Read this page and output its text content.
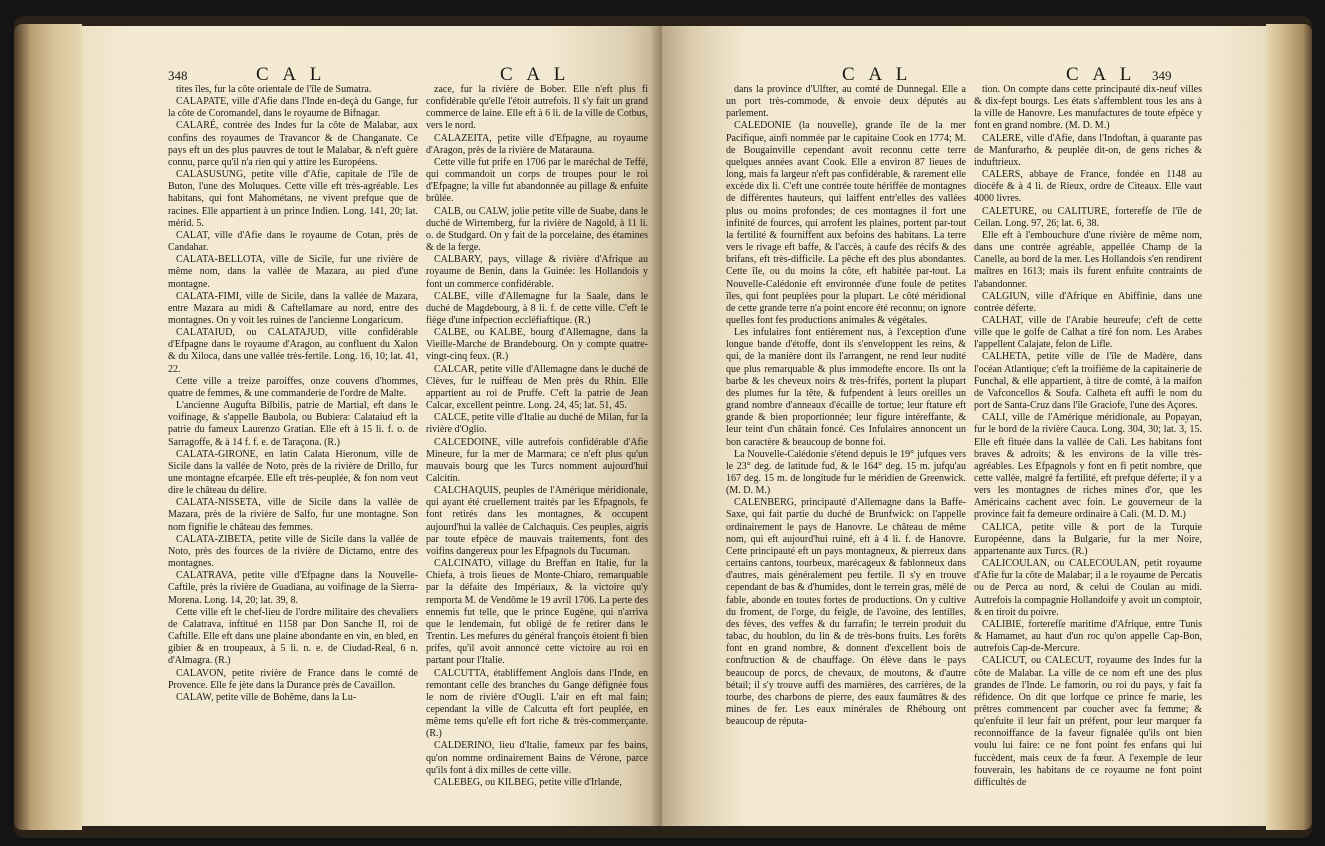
348	C A L	C A L

tites îles, fur la côte orientale de l'île de Sumatra.

CALAPATE, ville d'Afie dans l'Inde en-deçà du Gange, fur la côte de Coromandel, dans le royaume de Bifnagar.

CALARÉ, contrée des Indes fur la côte de Malabar, aux confins des royaumes de Travancor & de Changanate. Ce pays eft un des plus pauvres de tout le Malabar, & n'eft guère connu, parce qu'il n'a rien qui y attire les Européens.

CALASUSUNG, petite ville d'Afie, capitale de l'île de Buton, l'une des Moluques. Cette ville eft très-agréable. Les habitans, qui font Mahométans, ne vivent prefque que de racines. Elle appartient à un prince Indien. Long. 141, 20; lat. mérid. 5.

CALAT, ville d'Afie dans le royaume de Cotan, près de Candahar.

CALATA-BELLOTA, ville de Sicile, fur une rivière de même nom, dans la vallée de Mazara, au pied d'une montagne.

CALATA-FIMI, ville de Sicile, dans la vallée de Mazara, entre Mazara au midi & Caftellamare au nord, entre des montagnes. On y voit les ruines de l'ancienne Longaricum.

CALATAIUD, ou CALATAJUD, ville confidérable d'Efpagne dans le royaume d'Aragon, au confluent du Xalon & du Xiloca, dans une vallée très-fertile. Long. 16, 10; lat. 41, 22.

Cette ville a treize paroiffes, onze couvens d'hommes, quatre de femmes, & une commanderie de l'ordre de Malte.

L'ancienne Augufta Bilbilis, patrie de Martial, eft dans le voifinage, & s'appelle Baubola, ou Bubiera: Calataiud eft la patrie du fameux Laurenzo Gratian. Elle eft à 15 li. f. o. de Sarragoffe, & à 14 f. f. e. de Taraçona. (R.)

CALATA-GIRONE, en latin Calata Hieronum, ville de Sicile dans la vallée de Noto, près de la rivière de Drillo, fur une montagne efcarpée. Elle eft très-peuplée, & fon nom veut dire le château du délire.

CALATA-NISSETA, ville de Sicile dans la vallée de Mazara, près de la rivière de Salfo, fur une montagne. Son nom fignifie le château des femmes.

CALATA-ZIBETA, petite ville de Sicile dans la vallée de Noto, près des fources de la rivière de Dictamo, entre des montagnes.

CALATRAVA, petite ville d'Efpagne dans la Nouvelle-Caftile, près la rivière de Guadiana, au voifinage de la Sierra-Morena. Long. 14, 20; lat. 39, 8.

Cette ville eft le chef-lieu de l'ordre militaire des chevaliers de Calatrava, inftitué en 1158 par Don Sanche II, roi de Caftille. Elle eft dans une plaine abondante en vin, en bled, en gibier & en troupeaux, à 5 li. n. e. de Ciudad-Real, 6 n. d'Almagra. (R.)

CALAVON, petite rivière de France dans le comté de Provence. Elle fe jète dans la Durance près de Cavaillon.

CALAW, petite ville de Bohême, dans la Lu-

zace, fur la rivière de Bober. Elle n'eft plus fi confidérable qu'elle l'étoit autrefois. Il s'y fait un grand commerce de laine. Elle eft à 6 li. de la ville de Cotbus, vers le nord.

CALAZEITA, petite ville d'Efpagne, au royaume d'Aragon, près de la rivière de Matarauna.

Cette ville fut prife en 1706 par le maréchal de Teffé, qui commandoit un corps de troupes pour le roi d'Efpagne; la ville fut abandonnée au pillage & enfuite brûlée.

CALB, ou CALW, jolie petite ville de Suabe, dans le duché de Wirtemberg, fur la rivière de Nagold, à 11 li. o. de Studgard. On y fait de la porcelaine, des étamines & de la ferge.

CALBARY, pays, village & rivière d'Afrique au royaume de Benin, dans la Guinée: les Hollandois y font un commerce confidérable.

CALBE, ville d'Allemagne fur la Saale, dans le duché de Magdebourg, à 8 li. f. de cette ville. C'eft le fiège d'une infpection eccléfiaftique. (R.)

CALBE, ou KALBE, bourg d'Allemagne, dans la Vieille-Marche de Brandebourg. On y compte quatre-vingt-cinq feux. (R.)

CALCAR, petite ville d'Allemagne dans le duché de Clèves, fur le ruiffeau de Men près du Rhin. Elle appartient au roi de Pruffe. C'eft la patrie de Jean Calcar, excellent peintre. Long. 24, 45; lat. 51, 45.

CALCE, petite ville d'Italie au duché de Milan, fur la rivière d'Oglio.

CALCEDOINE, ville autrefois confidérable d'Afie Mineure, fur la mer de Marmara; ce n'eft plus qu'un mauvais bourg que les Turcs nomment aujourd'hui Calcitin.

CALCHAQUIS, peuples de l'Amérique méridionale, qui ayant été cruellement traités par les Efpagnols, fe font retirés dans les montagnes, & occupent aujourd'hui la vallée de Calchaquis. Ces peuples, aigris par toute efpèce de mauvais traitements, font des voifins dangereux pour les Efpagnols du Tucuman.

CALCINATO, village du Breffan en Italie, fur la Chiefa, à trois lieues de Monte-Chiaro, remarquable par la défaite des Impériaux, & la victoire qu'y remporta M. de Vendôme le 19 avril 1706. La perte des ennemis fut telle, que le prince Eugène, qui n'arriva que le lendemain, fut obligé de fe retirer dans le Trentin. Les mefures du général françois étoient fi bien prifes, qu'il avoit annoncé cette victoire au roi en partant pour l'Italie.

CALCUTTA, établiffement Anglois dans l'Inde, en remontant celle des branches du Gange défignée fous le nom de rivière d'Ougli. L'air en eft mal fain; cependant la ville de Calcutta eft fort peuplée, en même tems qu'elle eft fort riche & très-commerçante. (R.)

CALDERINO, lieu d'Italie, fameux par fes bains, qu'on nomme ordinairement Bains de Vérone, parce qu'ils font à dix milles de cette ville.

CALEBEG, ou KILBEG, petite ville d'Irlande,

C A L	C A L 349

dans la province d'Ulfter, au comté de Dunnegal. Elle a un port très-commode, & envoie deux députés au parlement.

CALEDONIE (la nouvelle), grande île de la mer Pacifique, ainfi nommée par le capitaine Cook en 1774; M. de Bougainville cependant avoit reconnu cette terre quelques années avant Cook. Elle a environ 87 lieues de long, mais fa largeur n'eft pas confidérable, & rarement elle excède dix li. C'eft une contrée toute hériffée de montagnes de différentes hauteurs, qui laiffent entr'elles des vallées plus ou moins profondes; de ces montagnes il fort une infinité de fources, qui arrofent les plaines, portent par-tout la fertilité & fourniffent aux befoins des habitans. La terre vers le rivage eft baffe, & l'accès, à caufe des récifs & des brifans, eft très-difficile. La pêche eft des plus abondantes. Cette île, ou du moins la côte, eft habitée par-tout. La Nouvelle-Calédonie eft environnée d'une foule de petites îles, qui font peuplées pour la plupart. Le côté méridional de cette grande terre n'a point encore été reconnu; on ignore quelles font fes productions animales & végétales.

Les infulaires font entièrement nus, à l'exception d'une longue bande d'étoffe, dont ils s'enveloppent les reins, & qui, de la manière dont ils l'arrangent, ne rend leur nudité que plus remarquable & plus immodefte encore. Ils ont la barbe & les cheveux noirs & très-frifés, portent la plupart des plumes fur la tête, & fufpendent à leurs oreilles un grand nombre d'anneaux d'écaille de tortue; leur ftature eft grande & bien proportionnée; leur figure intéreffante, & leur teint d'un châtain foncé. Ces Infulaires annoncent un bon caractère & beaucoup de bonne foi.

La Nouvelle-Calédonie s'étend depuis le 19° jufques vers le 23° deg. de latitude fud, & le 164° deg. 15 m. jufqu'au 167 deg. 15 m. de longitude fur le méridien de Greenwick. (M. D. M.)

CALENBERG, principauté d'Allemagne dans la Baffe-Saxe, qui fait partie du duché de Brunfwick: on l'appelle ordinairement le pays de Hanovre. Le château de même nom, qui eft aujourd'hui ruiné, eft à 4 li. f. de Hanovre. Cette principauté eft un pays montagneux, & pierreux dans certains cantons, tourbeux, marécageux & fablonneux dans d'autres, mais généralement peu fertile. Il s'y en trouve cependant de bas & d'humides, dont le terrein gras, mêlé de fable, abonde en toutes fortes de productions. On y cultive du froment, de l'orge, du feigle, de l'avoine, des lentilles, des fèves, des veffes & du farrafin; le terrein produit du tabac, du houblon, du lin & de très-bons fruits. Les forêts font en grand nombre, & donnent d'excellent bois de conftruction & de chauffage. On élève dans le pays beaucoup de porcs, de chevaux, de moutons, & d'autre bétail; il s'y trouve auffi des marnières, des carrières, de la tourbe, des charbons de pierre, des eaux faumâtres & des mines de fer. Les eaux minérales de Rhébourg ont beaucoup de réputa-

tion. On compte dans cette principauté dix-neuf villes & dix-fept bourgs. Les états s'affemblent tous les ans à la ville de Hanovre. Les manufactures de toute efpèce y font en grand nombre. (M. D. M.)

CALERE, ville d'Afie, dans l'Indoftan, à quarante pas de Manfurarho, & peuplée dit-on, de gens riches & induftrieux.

CALERS, abbaye de France, fondée en 1148 au diocèfe & à 4 li. de Rieux, ordre de Citeaux. Elle vaut 4000 livres.

CALETURE, ou CALITURE, forterefſe de l'île de Ceilan. Long. 97, 26; lat. 6, 38.

Elle eft à l'embouchure d'une rivière de même nom, dans une contrée agréable, appellée Champ de la Canelle, au bord de la mer. Les Hollandois s'en rendirent maîtres en 1613; mais ils furent enfuite contraints de l'abandonner.

CALGIUN, ville d'Afrique en Abiffinie, dans une contrée déferte.

CALHAT, ville de l'Arabie heureufe; c'eft de cette ville que le golfe de Calhat a tiré fon nom. Les Arabes l'appellent Calajate, felon de Lifle.

CALHETA, petite ville de l'île de Madère, dans l'océan Atlantique; c'eft la troifième de la capitainerie de Funchal, & elle appartient, à titre de comté, à la maifon de Vafconcellos & Soufa. Calheta eft auffi le nom du port de Santa-Cruz dans l'île Graciofe, l'une des Açores.

CALI, ville de l'Amérique méridionale, au Popayan, fur le bord de la rivière Cauca. Long. 304, 30; lat. 3, 15. Elle eft fituée dans la vallée de Cali. Les habitans font braves & adroits; & les environs de la ville très-agréables. Les Efpagnols y font en fi petit nombre, que cette vallée, malgré fa fertilité, eft prefque déferte; il y a vers les montagnes de riches mines d'or, que les Américains cachent avec foin. Le gouverneur de la province fait fa demeure ordinaire à Cali. (M. D. M.)

CALICA, petite ville & port de la Turquie Européenne, dans la Bulgarie, fur la mer Noire, appartenante aux Turcs. (R.)

CALICOULAN, ou CALECOULAN, petit royaume d'Afie fur la côte de Malabar; il a le royaume de Percatis ou de Perca au nord, & celui de Coulan au midi. Autrefois la compagnie Hollandoife y avoit un comptoir, & en tiroit du poivre.

CALIBIE, forterefſe maritime d'Afrique, entre Tunis & Hamamet, au haut d'un roc qu'on appelle Cap-Bon, autrefois Cap-de-Mercure.

CALICUT, ou CALECUT, royaume des Indes fur la côte de Malabar. La ville de ce nom eft une des plus grandes de l'Inde. Le famorin, ou roi du pays, y fait fa réfidence. On dit que lorfque ce prince fe marie, les prêtres commencent par coucher avec fa femme; & qu'enfuite il leur fait un préfent, pour leur marquer fa reconnoiffance de la faveur fignalée qu'ils ont bien voulu lui faire: ce ne font point fes enfans qui lui fuccèdent, mais ceux de fa fœur. A l'exemple de leur fouverain, les habitans de ce royaume ne font point difficultés de
